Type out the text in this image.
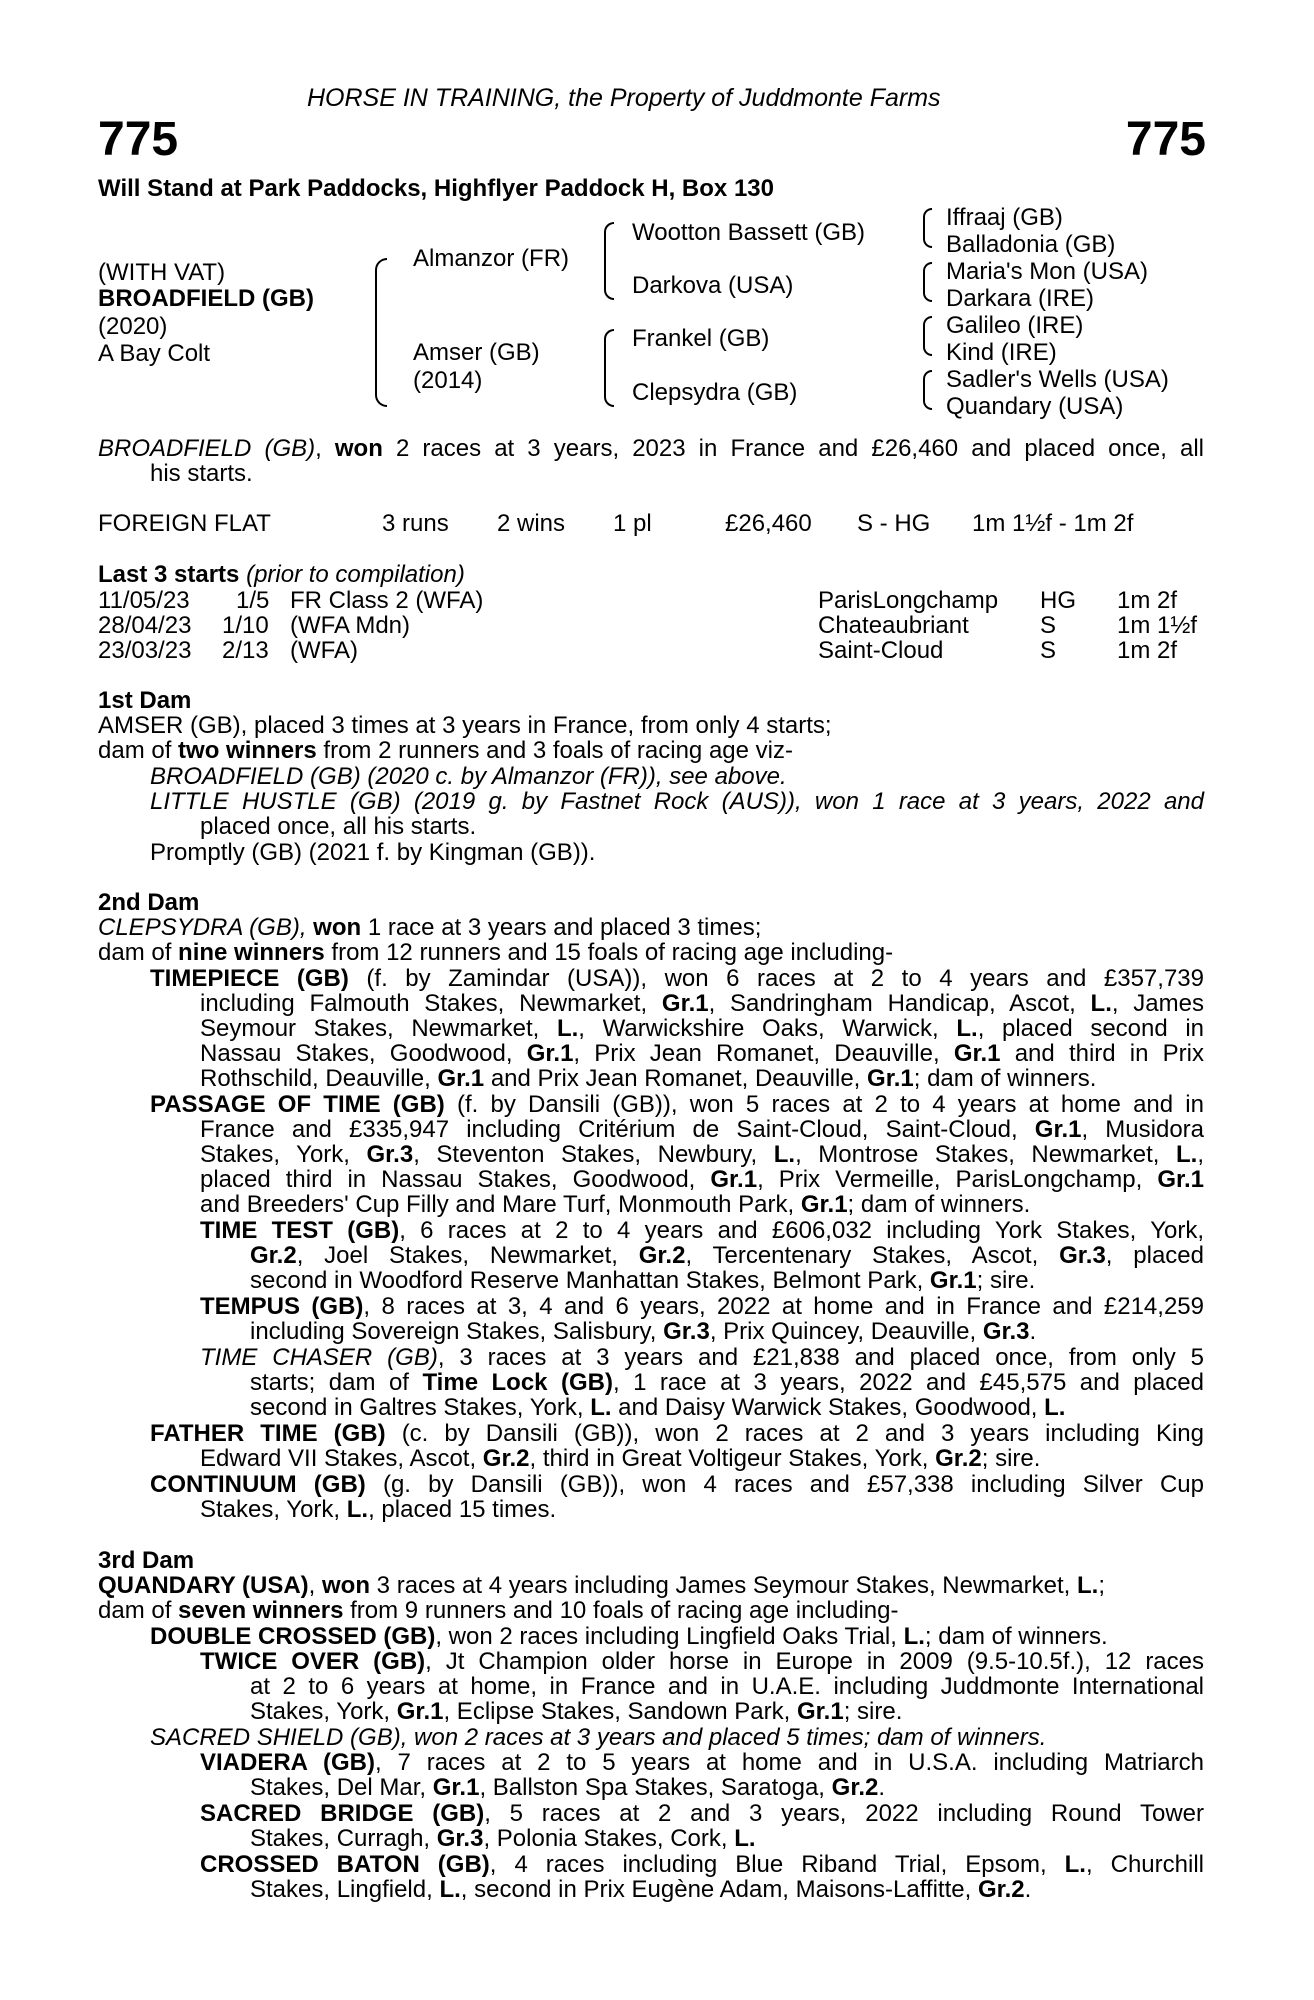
HORSE IN TRAINING, the Property of Juddmonte Farms
775	775
Will Stand at Park Paddocks, Highflyer Paddock H, Box 130
(WITH VAT)
BROADFIELD (GB)
(2020)
A Bay Colt
Almanzor (FR)
Amser (GB)
(2014)
Wootton Bassett (GB)
Darkova (USA)
Frankel (GB)
Clepsydra (GB)
Iffraaj (GB)
Balladonia (GB)
Maria's Mon (USA)
Darkara (IRE)
Galileo (IRE)
Kind (IRE)
Sadler's Wells (USA)
Quandary (USA)
BROADFIELD (GB), won 2 races at 3 years, 2023 in France and £26,460 and placed once, all
his starts.
FOREIGN FLAT	3 runs 2 wins 1 pl	£26,460 S - HG 1m 1½f - 1m 2f
Last 3 starts (prior to compilation)
11/05/23 1/5 FR Class 2 (WFA)	ParisLongchamp HG 1m 2f
28/04/23 1/10 (WFA Mdn)	Chateaubriant	S	1m 1½f
23/03/23 2/13 (WFA)	Saint-Cloud	S	1m 2f
1st Dam
AMSER (GB), placed 3 times at 3 years in France, from only 4 starts;
dam of two winners from 2 runners and 3 foals of racing age viz-
BROADFIELD (GB) (2020 c. by Almanzor (FR)), see above.
LITTLE HUSTLE (GB) (2019 g. by Fastnet Rock (AUS)), won 1 race at 3 years, 2022 and
placed once, all his starts.
Promptly (GB) (2021 f. by Kingman (GB)).
2nd Dam
CLEPSYDRA (GB), won 1 race at 3 years and placed 3 times;
dam of nine winners from 12 runners and 15 foals of racing age including-
TIMEPIECE (GB) (f. by Zamindar (USA)), won 6 races at 2 to 4 years and £357,739
including Falmouth Stakes, Newmarket, Gr.1, Sandringham Handicap, Ascot, L., James
Seymour Stakes, Newmarket, L., Warwickshire Oaks, Warwick, L., placed second in
Nassau Stakes, Goodwood, Gr.1, Prix Jean Romanet, Deauville, Gr.1 and third in Prix
Rothschild, Deauville, Gr.1 and Prix Jean Romanet, Deauville, Gr.1; dam of winners.
PASSAGE OF TIME (GB) (f. by Dansili (GB)), won 5 races at 2 to 4 years at home and in
France and £335,947 including Critérium de Saint-Cloud, Saint-Cloud, Gr.1, Musidora
Stakes, York, Gr.3, Steventon Stakes, Newbury, L., Montrose Stakes, Newmarket, L.,
placed third in Nassau Stakes, Goodwood, Gr.1, Prix Vermeille, ParisLongchamp, Gr.1
and Breeders' Cup Filly and Mare Turf, Monmouth Park, Gr.1; dam of winners.
TIME TEST (GB), 6 races at 2 to 4 years and £606,032 including York Stakes, York,
Gr.2, Joel Stakes, Newmarket, Gr.2, Tercentenary Stakes, Ascot, Gr.3, placed
second in Woodford Reserve Manhattan Stakes, Belmont Park, Gr.1; sire.
TEMPUS (GB), 8 races at 3, 4 and 6 years, 2022 at home and in France and £214,259
including Sovereign Stakes, Salisbury, Gr.3, Prix Quincey, Deauville, Gr.3.
TIME CHASER (GB), 3 races at 3 years and £21,838 and placed once, from only 5
starts; dam of Time Lock (GB), 1 race at 3 years, 2022 and £45,575 and placed
second in Galtres Stakes, York, L. and Daisy Warwick Stakes, Goodwood, L.
FATHER TIME (GB) (c. by Dansili (GB)), won 2 races at 2 and 3 years including King
Edward VII Stakes, Ascot, Gr.2, third in Great Voltigeur Stakes, York, Gr.2; sire.
CONTINUUM (GB) (g. by Dansili (GB)), won 4 races and £57,338 including Silver Cup
Stakes, York, L., placed 15 times.
3rd Dam
QUANDARY (USA), won 3 races at 4 years including James Seymour Stakes, Newmarket, L.;
dam of seven winners from 9 runners and 10 foals of racing age including-
DOUBLE CROSSED (GB), won 2 races including Lingfield Oaks Trial, L.; dam of winners.
TWICE OVER (GB), Jt Champion older horse in Europe in 2009 (9.5-10.5f.), 12 races
at 2 to 6 years at home, in France and in U.A.E. including Juddmonte International
Stakes, York, Gr.1, Eclipse Stakes, Sandown Park, Gr.1; sire.
SACRED SHIELD (GB), won 2 races at 3 years and placed 5 times; dam of winners.
VIADERA (GB), 7 races at 2 to 5 years at home and in U.S.A. including Matriarch
Stakes, Del Mar, Gr.1, Ballston Spa Stakes, Saratoga, Gr.2.
SACRED BRIDGE (GB), 5 races at 2 and 3 years, 2022 including Round Tower
Stakes, Curragh, Gr.3, Polonia Stakes, Cork, L.
CROSSED BATON (GB), 4 races including Blue Riband Trial, Epsom, L., Churchill
Stakes, Lingfield, L., second in Prix Eugène Adam, Maisons-Laffitte, Gr.2.
